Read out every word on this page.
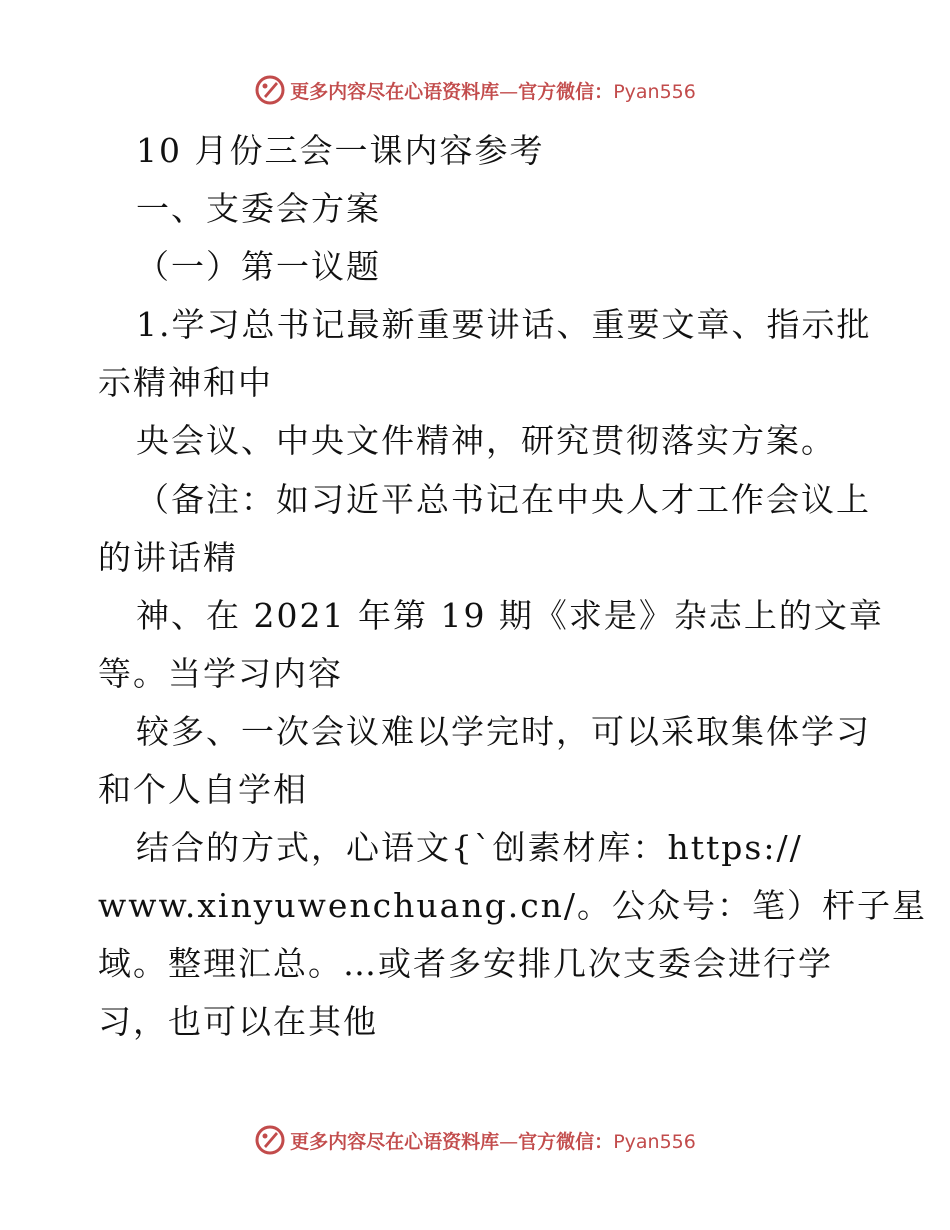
更多内容尽在心语资料库—官方微信：Pyan556
10 月份三会一课内容参考
一、支委会方案
（一）第一议题
1.学习总书记最新重要讲话、重要文章、指示批
示精神和中
央会议、中央文件精神，研究贯彻落实方案。
（备注：如习近平总书记在中央人才工作会议上
的讲话精
神、在 2021 年第 19 期《求是》杂志上的文章
等。当学习内容
较多、一次会议难以学完时，可以采取集体学习
和个人自学相
结合的方式，心语文{`创素材库：https://
www.xinyuwenchuang.cn/。公众号：笔）杆子星
域。整理汇总。…或者多安排几次支委会进行学
习，也可以在其他
更多内容尽在心语资料库—官方微信：Pyan556
